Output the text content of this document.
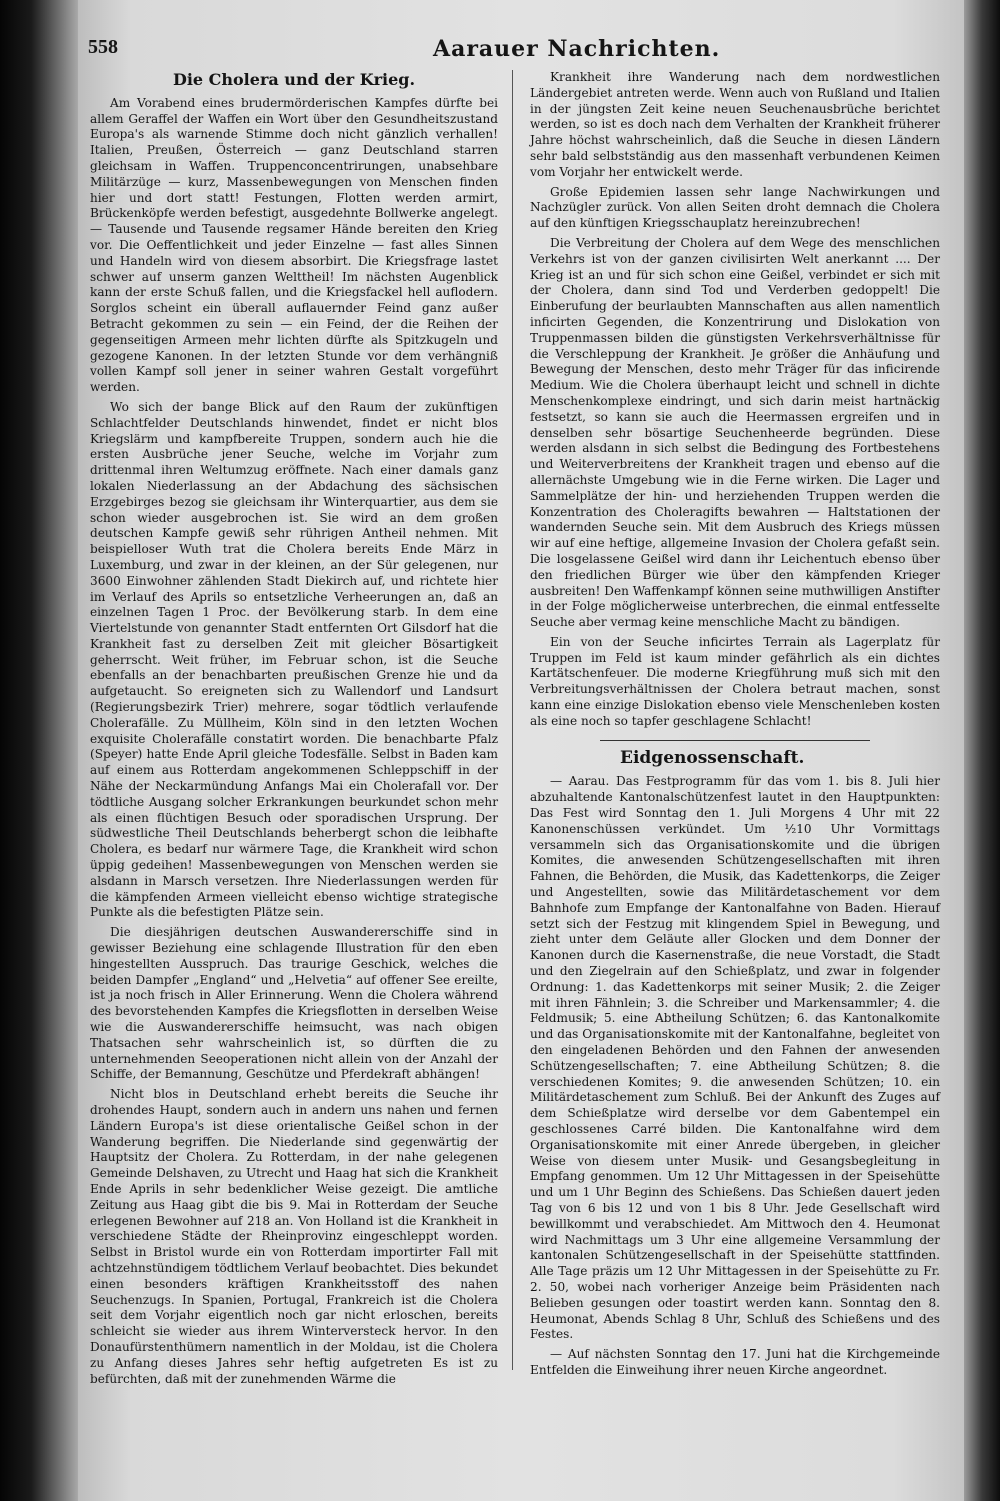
558	Aarauer Nachrichten.
Die Cholera und der Krieg.

Am Vorabend eines brudermörderischen Kampfes dürfte bei allem Geraffel der Waffen ein Wort über den Gesundheitszustand Europa's als warnende Stimme doch nicht gänzlich verhallen! Italien, Preußen, Österreich — ganz Deutschland starren gleichsam in Waffen. Truppenconcentrirungen, unabsehbare Militärzüge — kurz, Massenbewegungen von Menschen finden hier und dort statt! Festungen, Flotten werden armirt, Brückenköpfe werden befestigt, ausgedehnte Bollwerke angelegt. — Tausende und Tausende regsamer Hände bereiten den Krieg vor. Die Oeffentlichkeit und jeder Einzelne — fast alles Sinnen und Handeln wird von diesem absorbirt. Die Kriegsfrage lastet schwer auf unserm ganzen Welttheil! Im nächsten Augenblick kann der erste Schuß fallen, und die Kriegsfackel hell auflodern. Sorglos scheint ein überall auflauernder Feind ganz außer Betracht gekommen zu sein — ein Feind, der die Reihen der gegenseitigen Armeen mehr lichten dürfte als Spitzkugeln und gezogene Kanonen. In der letzten Stunde vor dem verhängniß vollen Kampf soll jener in seiner wahren Gestalt vorgeführt werden.

Wo sich der bange Blick auf den Raum der zukünftigen Schlachtfelder Deutschlands hinwendet, findet er nicht blos Kriegslärm und kampfbereite Truppen, sondern auch hie die ersten Ausbrüche jener Seuche, welche im Vorjahr zum drittenmal ihren Weltumzug eröffnete. Nach einer damals ganz lokalen Niederlassung an der Abdachung des sächsischen Erzgebirges bezog sie gleichsam ihr Winterquartier, aus dem sie schon wieder ausgebrochen ist. Sie wird an dem großen deutschen Kampfe gewiß sehr rührigen Antheil nehmen. Mit beispielloser Wuth trat die Cholera bereits Ende März in Luxemburg, und zwar in der kleinen, an der Sür gelegenen, nur 3600 Einwohner zählenden Stadt Diekirch auf, und richtete hier im Verlauf des Aprils so entsetzliche Verheerungen an, daß an einzelnen Tagen 1 Proc. der Bevölkerung starb. In dem eine Viertelstunde von genannter Stadt entfernten Ort Gilsdorf hat die Krankheit fast zu derselben Zeit mit gleicher Bösartigkeit geherrscht. Weit früher, im Februar schon, ist die Seuche ebenfalls an der benachbarten preußischen Grenze hie und da aufgetaucht. So ereigneten sich zu Wallendorf und Landsurt (Regierungsbezirk Trier) mehrere, sogar tödtlich verlaufende Cholerafälle. Zu Müllheim, Köln sind in den letzten Wochen exquisite Cholerafälle constatirt worden. Die benachbarte Pfalz (Speyer) hatte Ende April gleiche Todesfälle. Selbst in Baden kam auf einem aus Rotterdam angekommenen Schleppschiff in der Nähe der Neckarmündung Anfangs Mai ein Cholerafall vor. Der tödtliche Ausgang solcher Erkrankungen beurkundet schon mehr als einen flüchtigen Besuch oder sporadischen Ursprung. Der südwestliche Theil Deutschlands beherbergt schon die leibhafte Cholera, es bedarf nur wärmere Tage, die Krankheit wird schon üppig gedeihen! Massenbewegungen von Menschen werden sie alsdann in Marsch versetzen. Ihre Niederlassungen werden für die kämpfenden Armeen vielleicht ebenso wichtige strategische Punkte als die befestigten Plätze sein.

Die diesjährigen deutschen Auswandererschiffe sind in gewisser Beziehung eine schlagende Illustration für den eben hingestellten Ausspruch. Das traurige Geschick, welches die beiden Dampfer „England“ und „Helvetia“ auf offener See ereilte, ist ja noch frisch in Aller Erinnerung. Wenn die Cholera während des bevorstehenden Kampfes die Kriegsflotten in derselben Weise wie die Auswandererschiffe heimsucht, was nach obigen Thatsachen sehr wahrscheinlich ist, so dürften die zu unternehmenden Seeoperationen nicht allein von der Anzahl der Schiffe, der Bemannung, Geschütze und Pferdekraft abhängen!

Nicht blos in Deutschland erhebt bereits die Seuche ihr drohendes Haupt, sondern auch in andern uns nahen und fernen Ländern Europa's ist diese orientalische Geißel schon in der Wanderung begriffen. Die Niederlande sind gegenwärtig der Hauptsitz der Cholera. Zu Rotterdam, in der nahe gelegenen Gemeinde Delshaven, zu Utrecht und Haag hat sich die Krankheit Ende Aprils in sehr bedenklicher Weise gezeigt. Die amtliche Zeitung aus Haag gibt die bis 9. Mai in Rotterdam der Seuche erlegenen Bewohner auf 218 an. Von Holland ist die Krankheit in verschiedene Städte der Rheinprovinz eingeschleppt worden. Selbst in Bristol wurde ein von Rotterdam importirter Fall mit achtzehnstündigem tödtlichem Verlauf beobachtet. Dies bekundet einen besonders kräftigen Krankheitsstoff des nahen Seuchenzugs. In Spanien, Portugal, Frankreich ist die Cholera seit dem Vorjahr eigentlich noch gar nicht erloschen, bereits schleicht sie wieder aus ihrem Winterversteck hervor. In den Donaufürstenthümern namentlich in der Moldau, ist die Cholera zu Anfang dieses Jahres sehr heftig aufgetreten Es ist zu befürchten, daß mit der zunehmenden Wärme die

Krankheit ihre Wanderung nach dem nordwestlichen Ländergebiet antreten werde. Wenn auch von Rußland und Italien in der jüngsten Zeit keine neuen Seuchenausbrüche berichtet werden, so ist es doch nach dem Verhalten der Krankheit früherer Jahre höchst wahrscheinlich, daß die Seuche in diesen Ländern sehr bald selbstständig aus den massenhaft verbundenen Keimen vom Vorjahr her entwickelt werde.

Große Epidemien lassen sehr lange Nachwirkungen und Nachzügler zurück. Von allen Seiten droht demnach die Cholera auf den künftigen Kriegsschauplatz hereinzubrechen!

Die Verbreitung der Cholera auf dem Wege des menschlichen Verkehrs ist von der ganzen civilisirten Welt anerkannt .... Der Krieg ist an und für sich schon eine Geißel, verbindet er sich mit der Cholera, dann sind Tod und Verderben gedoppelt! Die Einberufung der beurlaubten Mannschaften aus allen namentlich inficirten Gegenden, die Konzentrirung und Dislokation von Truppenmassen bilden die günstigsten Verkehrsverhältnisse für die Verschleppung der Krankheit. Je größer die Anhäufung und Bewegung der Menschen, desto mehr Träger für das inficirende Medium. Wie die Cholera überhaupt leicht und schnell in dichte Menschenkomplexe eindringt, und sich darin meist hartnäckig festsetzt, so kann sie auch die Heermassen ergreifen und in denselben sehr bösartige Seuchenheerde begründen. Diese werden alsdann in sich selbst die Bedingung des Fortbestehens und Weiterverbreitens der Krankheit tragen und ebenso auf die allernächste Umgebung wie in die Ferne wirken. Die Lager und Sammelplätze der hin- und herziehenden Truppen werden die Konzentration des Choleragifts bewahren — Haltstationen der wandernden Seuche sein. Mit dem Ausbruch des Kriegs müssen wir auf eine heftige, allgemeine Invasion der Cholera gefaßt sein. Die losgelassene Geißel wird dann ihr Leichentuch ebenso über den friedlichen Bürger wie über den kämpfenden Krieger ausbreiten! Den Waffenkampf können seine muthwilligen Anstifter in der Folge möglicherweise unterbrechen, die einmal entfesselte Seuche aber vermag keine menschliche Macht zu bändigen.

Ein von der Seuche inficirtes Terrain als Lagerplatz für Truppen im Feld ist kaum minder gefährlich als ein dichtes Kartätschenfeuer. Die moderne Kriegführung muß sich mit den Verbreitungsverhältnissen der Cholera betraut machen, sonst kann eine einzige Dislokation ebenso viele Menschenleben kosten als eine noch so tapfer geschlagene Schlacht!

Eidgenossenschaft.

— Aarau. Das Festprogramm für das vom 1. bis 8. Juli hier abzuhaltende Kantonalschützenfest lautet in den Hauptpunkten: Das Fest wird Sonntag den 1. Juli Morgens 4 Uhr mit 22 Kanonenschüssen verkündet. Um ½10 Uhr Vormittags versammeln sich das Organisationskomite und die übrigen Komites, die anwesenden Schützengesellschaften mit ihren Fahnen, die Behörden, die Musik, das Kadettenkorps, die Zeiger und Angestellten, sowie das Militärdetaschement vor dem Bahnhofe zum Empfange der Kantonalfahne von Baden. Hierauf setzt sich der Festzug mit klingendem Spiel in Bewegung, und zieht unter dem Geläute aller Glocken und dem Donner der Kanonen durch die Kasernenstraße, die neue Vorstadt, die Stadt und den Ziegelrain auf den Schießplatz, und zwar in folgender Ordnung: 1. das Kadettenkorps mit seiner Musik; 2. die Zeiger mit ihren Fähnlein; 3. die Schreiber und Markensammler; 4. die Feldmusik; 5. eine Abtheilung Schützen; 6. das Kantonalkomite und das Organisationskomite mit der Kantonalfahne, begleitet von den eingeladenen Behörden und den Fahnen der anwesenden Schützengesellschaften; 7. eine Abtheilung Schützen; 8. die verschiedenen Komites; 9. die anwesenden Schützen; 10. ein Militärdetaschement zum Schluß. Bei der Ankunft des Zuges auf dem Schießplatze wird derselbe vor dem Gabentempel ein geschlossenes Carré bilden. Die Kantonalfahne wird dem Organisationskomite mit einer Anrede übergeben, in gleicher Weise von diesem unter Musik- und Gesangsbegleitung in Empfang genommen. Um 12 Uhr Mittagessen in der Speisehütte und um 1 Uhr Beginn des Schießens. Das Schießen dauert jeden Tag von 6 bis 12 und von 1 bis 8 Uhr. Jede Gesellschaft wird bewillkommt und verabschiedet. Am Mittwoch den 4. Heumonat wird Nachmittags um 3 Uhr eine allgemeine Versammlung der kantonalen Schützengesellschaft in der Speisehütte stattfinden. Alle Tage präzis um 12 Uhr Mittagessen in der Speisehütte zu Fr. 2. 50, wobei nach vorheriger Anzeige beim Präsidenten nach Belieben gesungen oder toastirt werden kann. Sonntag den 8. Heumonat, Abends Schlag 8 Uhr, Schluß des Schießens und des Festes.

— Auf nächsten Sonntag den 17. Juni hat die Kirchgemeinde Entfelden die Einweihung ihrer neuen Kirche angeordnet.
